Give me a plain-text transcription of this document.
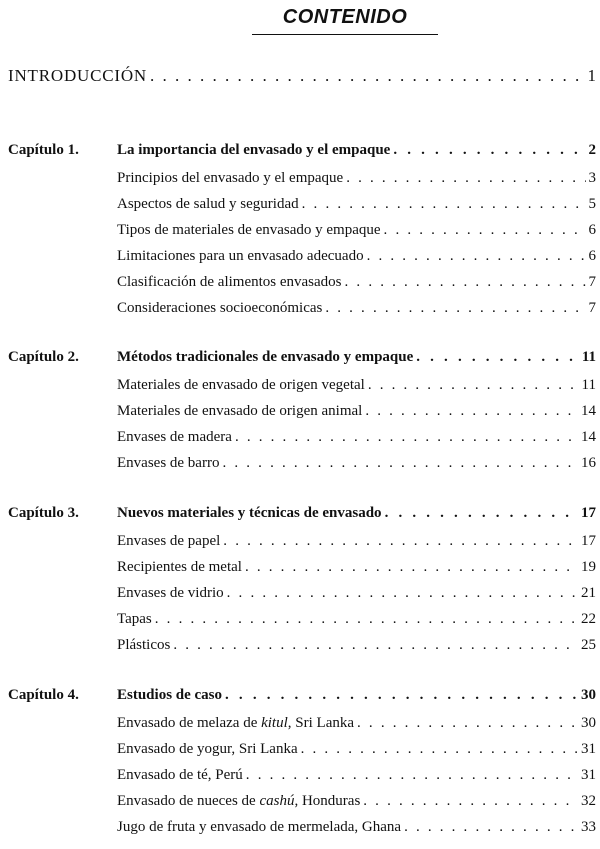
CONTENIDO
INTRODUCCIÓN . . .	1
Capítulo 1.	La importancia del envasado y el empaque . . .	2
Principios del envasado y el empaque . . .	3
Aspectos de salud y seguridad . . .	5
Tipos de materiales de envasado y empaque . . .	6
Limitaciones para un envasado adecuado . . .	6
Clasificación de alimentos envasados . . .	7
Consideraciones socioeconómicas . . .	7
Capítulo 2.	Métodos tradicionales de envasado y empaque . . .	11
Materiales de envasado de origen vegetal . . .	11
Materiales de envasado de origen animal . . .	14
Envases de madera . . .	14
Envases de barro . . .	16
Capítulo 3.	Nuevos materiales y técnicas de envasado . . .	17
Envases de papel . . .	17
Recipientes de metal . . .	19
Envases de vidrio . . .	21
Tapas . . .	22
Plásticos . . .	25
Capítulo 4.	Estudios de caso . . .	30
Envasado de melaza de kitul, Sri Lanka . . .	30
Envasado de yogur, Sri Lanka . . .	31
Envasado de té, Perú . . .	31
Envasado de nueces de cashú, Honduras . . .	32
Jugo de fruta y envasado de mermelada, Ghana . . .	33
